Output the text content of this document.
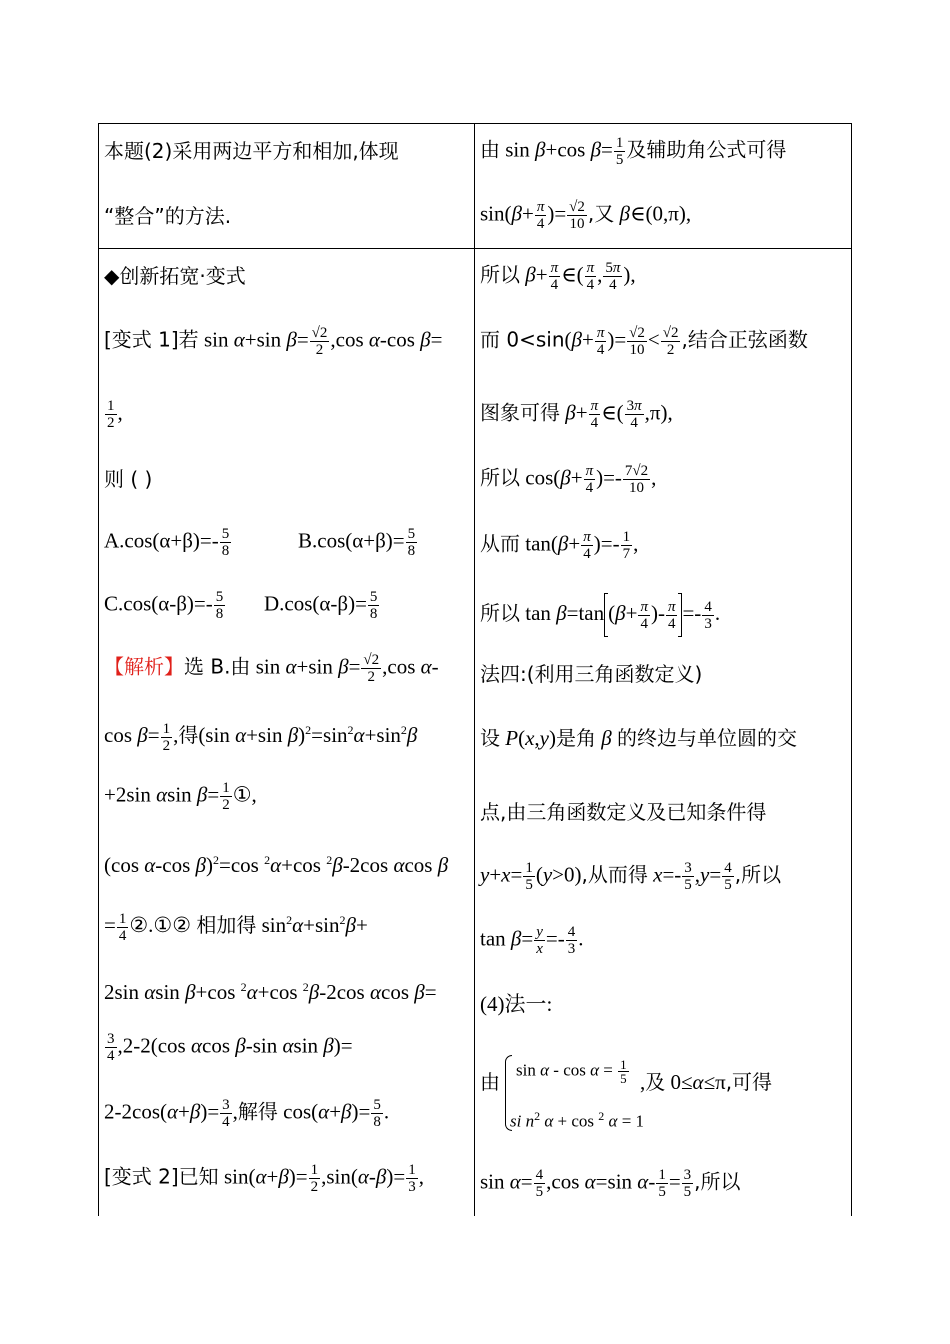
本题(2)采用两边平方和相加,体现
“整合”的方法.
◆创新拓宽·变式
[变式 1]若 sin α+sin $\beta= \frac{√2}{2} ,\cos$ α-cos β=
$\frac{1}{2}$ ,
则 ( )
$A.\cos(\alpha+\beta)=- \frac{5}{8}$	$B.\cos(\alpha+\beta)= \frac{5}{8}$
$C.\cos(\alpha-\beta)=- \frac{5}{8} D.\cos(\alpha-\beta)= \frac{5}{8}$
【解析】选 B.由 sin α+sin $\beta= \frac{√2}{2} ,\cos$ α-
$\cos \beta= \frac{1}{2}$ ,得(sin α+sin $\beta)^2=\sin^2\alpha+\sin^2\beta$
+2sin αsin $\beta= \frac{1}{2}$ ①,
(cos α-cos β)$^2$=cos $^2$α+cos $^2$β-2cos αcos β
= $\frac{1}{4}$ ②.①② 相加得 $\sin^2\alpha+\sin^2\beta+$
2sin αsin β+cos $^2$α+cos $^2$β-2cos αcos β=
$\frac{3}{4} ,2-2(\cos$ αcos β-sin αsin β)=
$2-2\cos(\alpha+\beta)= \frac{3}{4}$ ,解得 $\cos(\alpha+\beta)= \frac{5}{8}$ .
[变式 2]已知 $\sin(\alpha+\beta)= \frac{1}{2} ,\sin(\alpha-\beta)= \frac{1}{3}$ ,
由 sin β+cos $\beta= \frac{1}{5}$ 及辅助角公式可得
$\sin(\beta+ \frac{\pi}{4}$ )= $\frac{√2}{10}$ ,又 β∈(0,π),
所以 $\beta+ \frac{\pi}{4}$ ∈( $\frac{\pi}{4}$ , $\frac{5\pi}{4}$ ),
而 $0<\sin(\beta+ \frac{\pi}{4}$ )= $\frac{√2}{10} < \frac{√2}{2}$ ,结合正弦函数
图象可得 $\beta+ \frac{\pi}{4}$ ∈( $\frac{3\pi}{4} ,\pi$),
所以 $\cos(\beta+ \frac{\pi}{4}$ )=- $\frac{7√2}{10}$ ,
从而 $\tan(\beta+ \frac{\pi}{4}$ )=- $\frac{1}{7}$ ,
所以 tan β=tan ($\beta+ \frac{\pi}{4}$ )- $\frac{\pi}{4} =- \frac{4}{3}$ .
法四:(利用三角函数定义)
设 P(x,y)是角 β 的终边与单位圆的交
点,由三角函数定义及已知条件得
$y+x= \frac{1}{5} (y>0)$,从而得 $x=- \frac{3}{5} ,y= \frac{4}{5}$ ,所以
$\tan \beta= \frac{y}{x} =- \frac{4}{3}$ .
(4)法一:
由
$\sin \alpha - \cos \alpha = \frac{1}{5}$
si $n^2$ α + cos $^2$ α = 1
,及 0≤α≤π,可得
$\sin \alpha= \frac{4}{5} ,\cos$ α=sin $\alpha- \frac{1}{5} = \frac{3}{5}$ ,所以
